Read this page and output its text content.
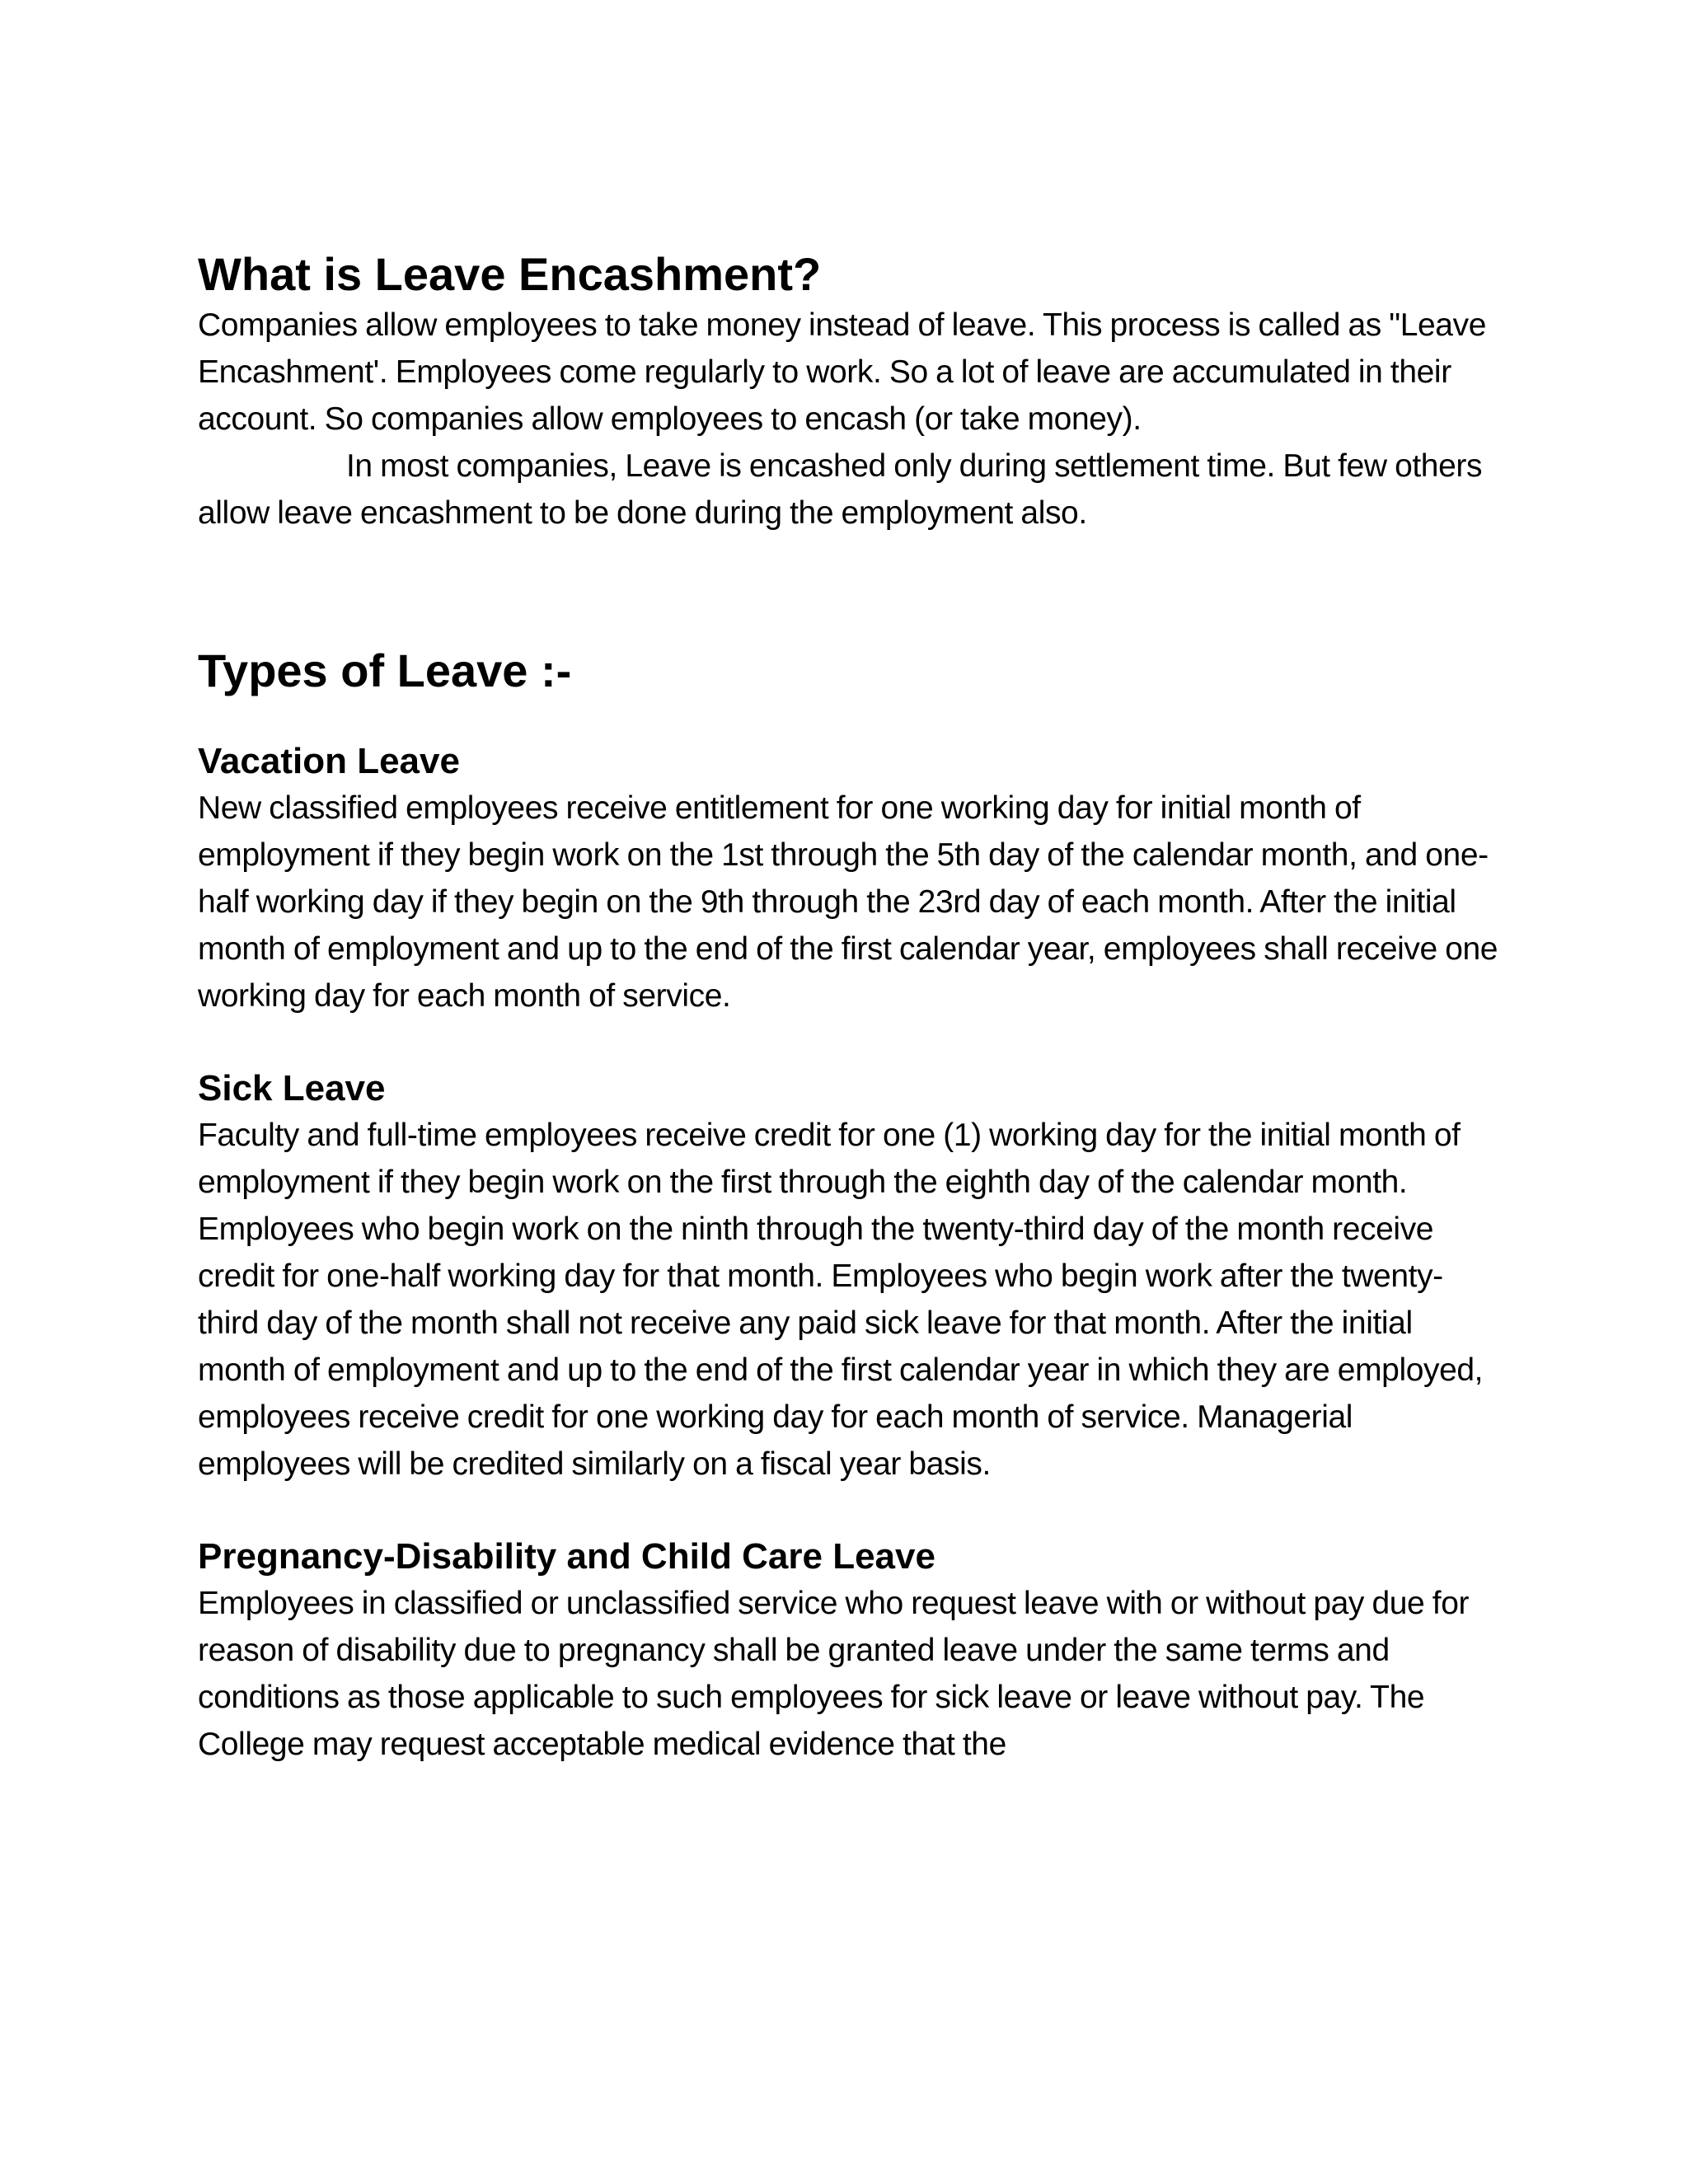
What is Leave Encashment?

Companies allow employees to take money instead of leave. This process is called as "Leave Encashment'. Employees come regularly to work. So a lot of leave are accumulated in their account. So companies allow employees to encash (or take money).

In most companies, Leave is encashed only during settlement time. But few others allow leave encashment to be done during the employment also.

Types of Leave :-
Vacation Leave

New classified employees receive entitlement for one working day for initial month of employment if they begin work on the 1st through the 5th day of the calendar month, and one-half working day if they begin on the 9th through the 23rd day of each month. After the initial month of employment and up to the end of the first calendar year, employees shall receive one working day for each month of service.

Sick Leave

Faculty and full-time employees receive credit for one (1) working day for the initial month of employment if they begin work on the first through the eighth day of the calendar month. Employees who begin work on the ninth through the twenty-third day of the month receive credit for one-half working day for that month. Employees who begin work after the twenty-third day of the month shall not receive any paid sick leave for that month. After the initial month of employment and up to the end of the first calendar year in which they are employed, employees receive credit for one working day for each month of service. Managerial employees will be credited similarly on a fiscal year basis.

Pregnancy-Disability and Child Care Leave

Employees in classified or unclassified service who request leave with or without pay due for reason of disability due to pregnancy shall be granted leave under the same terms and conditions as those applicable to such employees for sick leave or leave without pay. The College may request acceptable medical evidence that the
